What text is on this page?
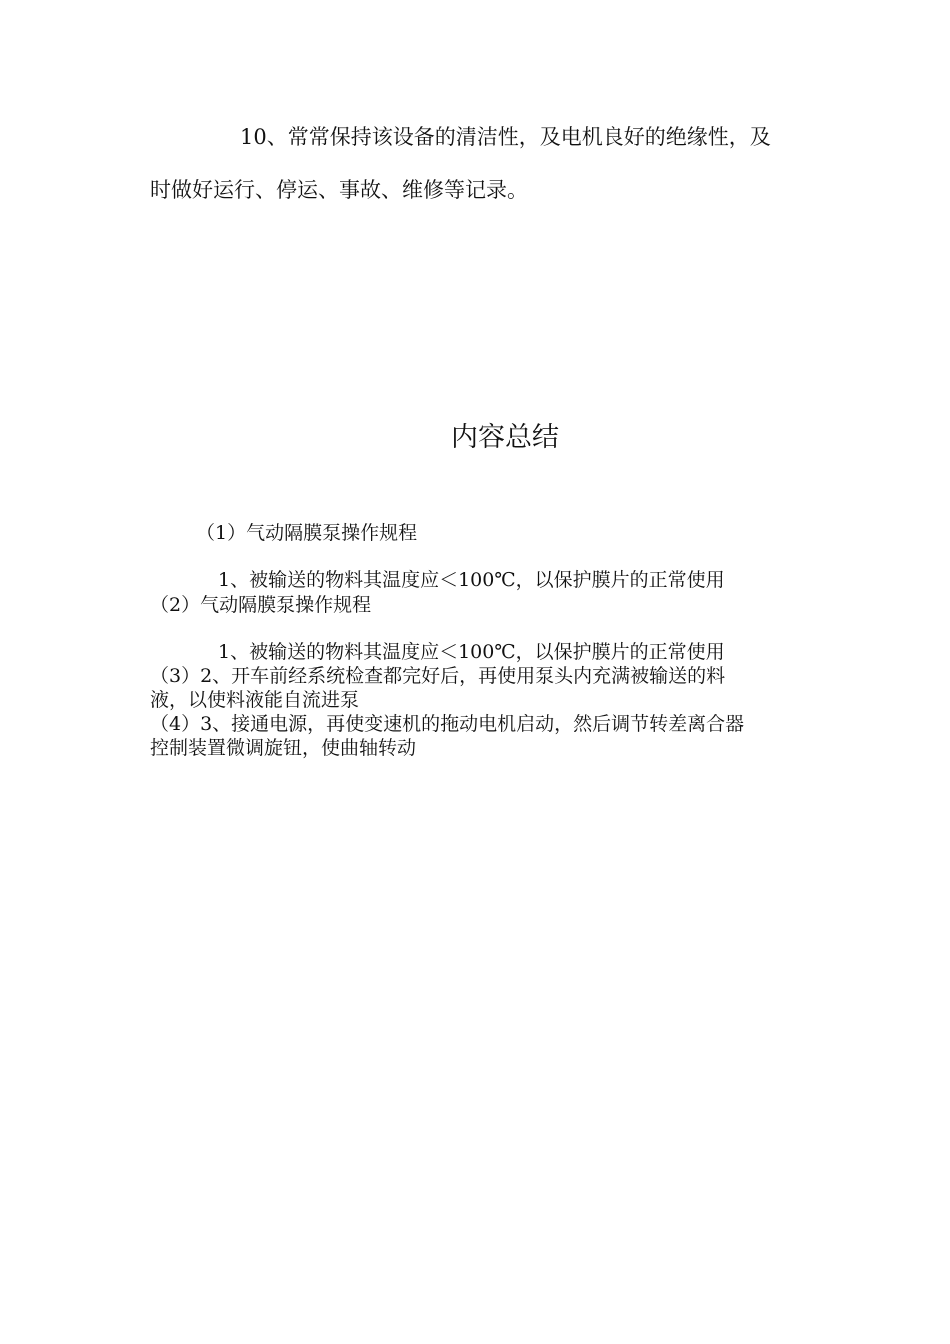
10、常常保持该设备的清洁性，及电机良好的绝缘性，及

时做好运行、停运、事故、维修等记录。

内容总结

（1）气动隔膜泵操作规程

1、被输送的物料其温度应＜100℃，以保护膜片的正常使用

（2）气动隔膜泵操作规程

1、被输送的物料其温度应＜100℃，以保护膜片的正常使用

（3）2、开车前经系统检查都完好后，再使用泵头内充满被输送的料

液，以使料液能自流进泵

（4）3、接通电源，再使变速机的拖动电机启动，然后调节转差离合器

控制装置微调旋钮，使曲轴转动
